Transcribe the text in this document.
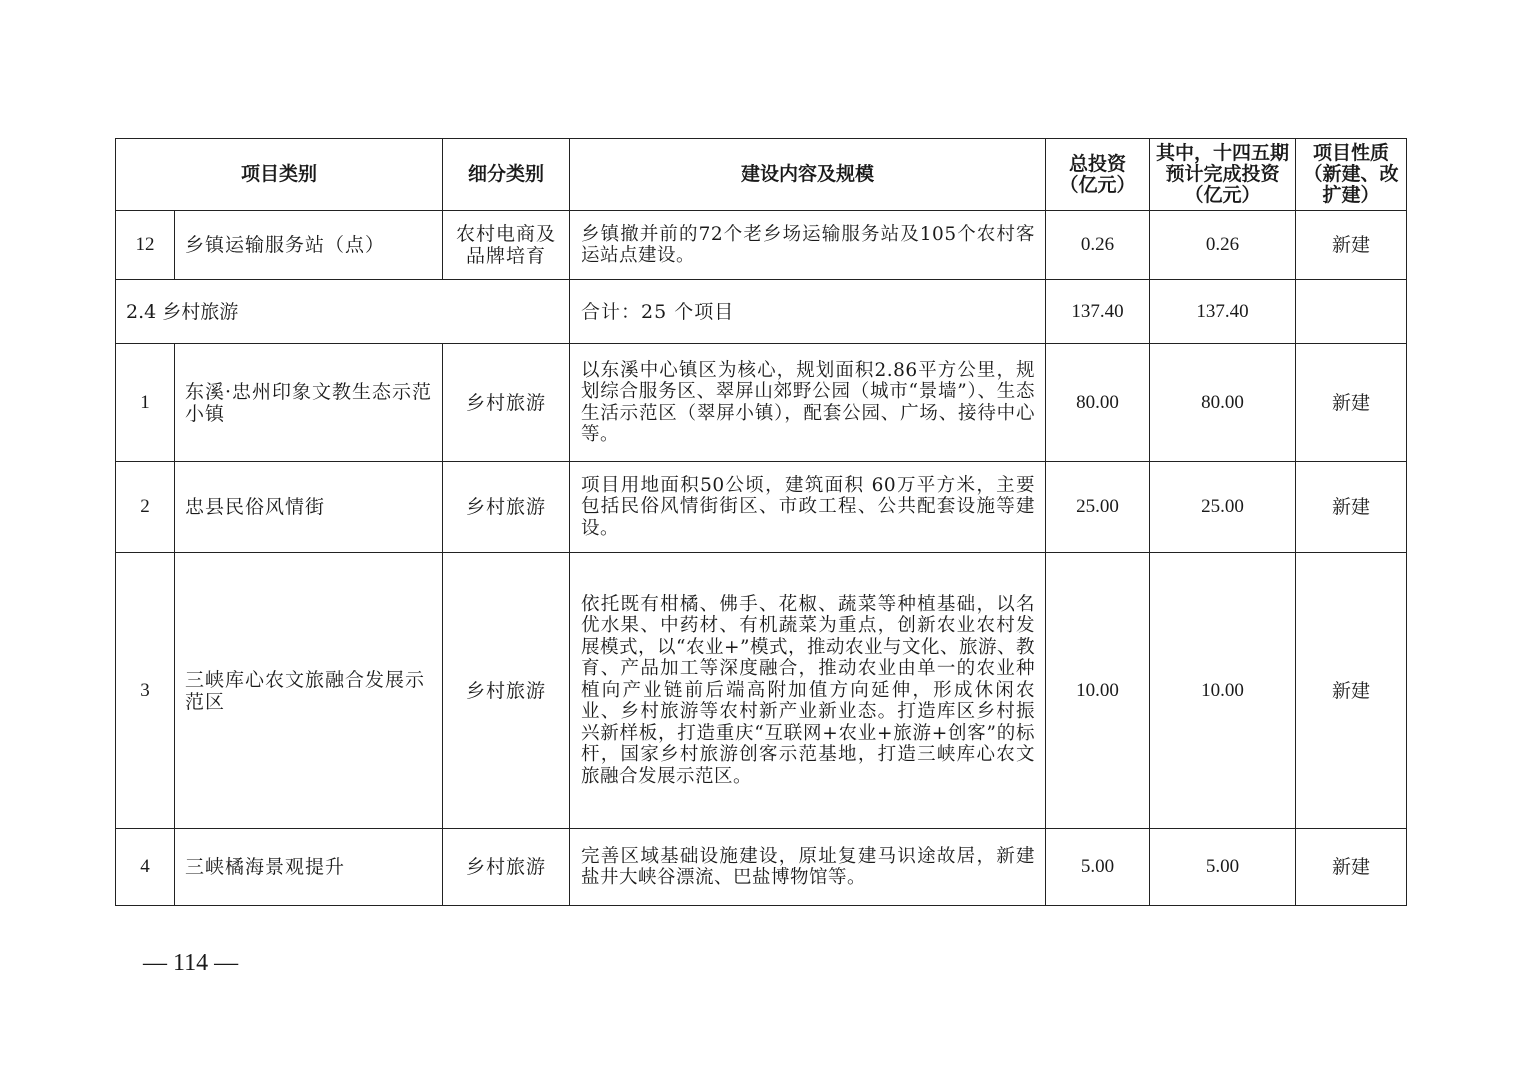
项目类别		细分类别	建设内容及规模	总投资（亿元）	其中，十四五期预计完成投资（亿元）	项目性质（新建、改扩建）
12	乡镇运输服务站（点）	农村电商及品牌培育	乡镇撤并前的72个老乡场运输服务站及105个农村客运站点建设。	0.26	0.26	新建
2.4 乡村旅游			合计：25 个项目	137.40	137.40	
1	东溪·忠州印象文教生态示范小镇	乡村旅游	以东溪中心镇区为核心，规划面积2.86平方公里，规划综合服务区、翠屏山郊野公园（城市“景墙”）、生态生活示范区（翠屏小镇），配套公园、广场、接待中心等。	80.00	80.00	新建
2	忠县民俗风情街	乡村旅游	项目用地面积50公顷，建筑面积 60万平方米，主要包括民俗风情街街区、市政工程、公共配套设施等建设。	25.00	25.00	新建
3	三峡库心农文旅融合发展示范区	乡村旅游	依托既有柑橘、佛手、花椒、蔬菜等种植基础，以名优水果、中药材、有机蔬菜为重点，创新农业农村发展模式，以“农业+”模式，推动农业与文化、旅游、教育、产品加工等深度融合，推动农业由单一的农业种植向产业链前后端高附加值方向延伸，形成休闲农业、乡村旅游等农村新产业新业态。打造库区乡村振兴新样板，打造重庆“互联网+农业+旅游+创客”的标杆，国家乡村旅游创客示范基地，打造三峡库心农文旅融合发展示范区。	10.00	10.00	新建
4	三峡橘海景观提升	乡村旅游	完善区域基础设施建设，原址复建马识途故居，新建盐井大峡谷漂流、巴盐博物馆等。	5.00	5.00	新建
— 114 —
